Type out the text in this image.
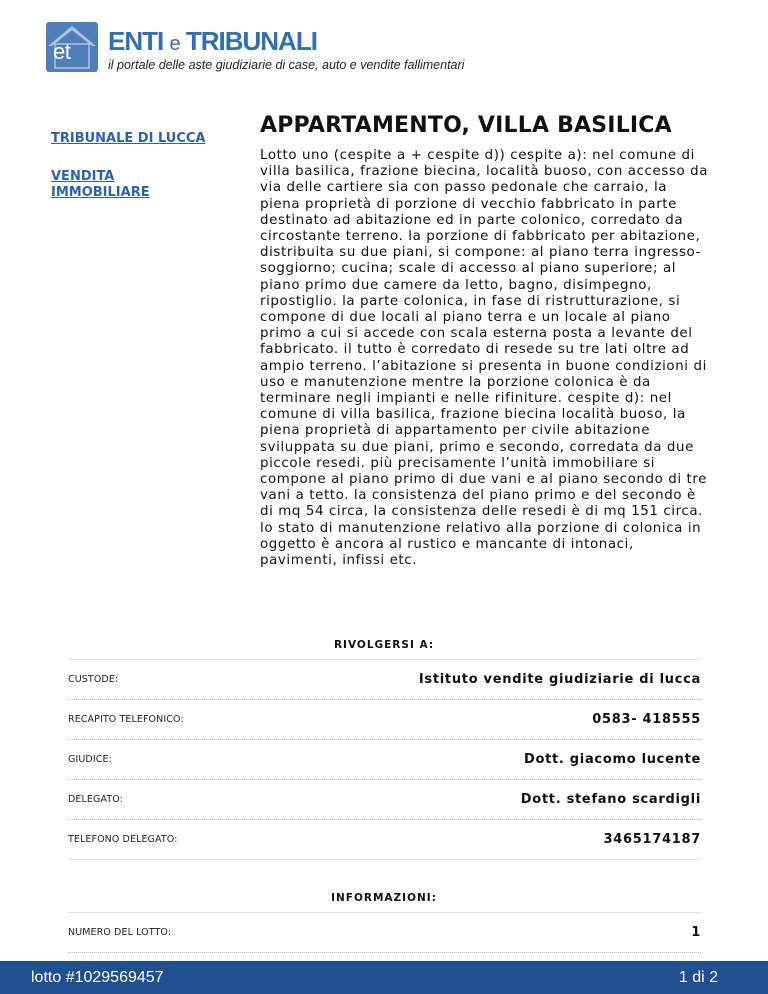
et ENTI e TRIBUNALI
il portale delle aste giudiziarie di case, auto e vendite fallimentari
TRIBUNALE DI LUCCA
VENDITA IMMOBILIARE
APPARTAMENTO, VILLA BASILICA

Lotto uno (cespite a + cespite d)) cespite a): nel comune di villa basilica, frazione biecina, località buoso, con accesso da via delle cartiere sia con passo pedonale che carraio, la piena proprietà di porzione di vecchio fabbricato in parte destinato ad abitazione ed in parte colonico, corredato da circostante terreno. la porzione di fabbricato per abitazione, distribuita su due piani, si compone: al piano terra ingresso-soggiorno; cucina; scale di accesso al piano superiore; al piano primo due camere da letto, bagno, disimpegno, ripostiglio. la parte colonica, in fase di ristrutturazione, si compone di due locali al piano terra e un locale al piano primo a cui si accede con scala esterna posta a levante del fabbricato. il tutto è corredato di resede su tre lati oltre ad ampio terreno. l’abitazione si presenta in buone condizioni di uso e manutenzione mentre la porzione colonica è da terminare negli impianti e nelle rifiniture. cespite d): nel comune di villa basilica, frazione biecina località buoso, la piena proprietà di appartamento per civile abitazione sviluppata su due piani, primo e secondo, corredata da due piccole resedi. più precisamente l’unità immobiliare si compone al piano primo di due vani e al piano secondo di tre vani a tetto. la consistenza del piano primo e del secondo è di mq 54 circa, la consistenza delle resedi è di mq 151 circa. lo stato di manutenzione relativo alla porzione di colonica in oggetto è ancora al rustico e mancante di intonaci, pavimenti, infissi etc.

RIVOLGERSI A:
CUSTODE:	Istituto vendite giudiziarie di lucca
RECAPITO TELEFONICO:	0583- 418555
GIUDICE:	Dott. giacomo lucente
DELEGATO:	Dott. stefano scardigli
TELEFONO DELEGATO:	3465174187
INFORMAZIONI:
NUMERO DEL LOTTO:	1
lotto #1029569457	1 di 2
